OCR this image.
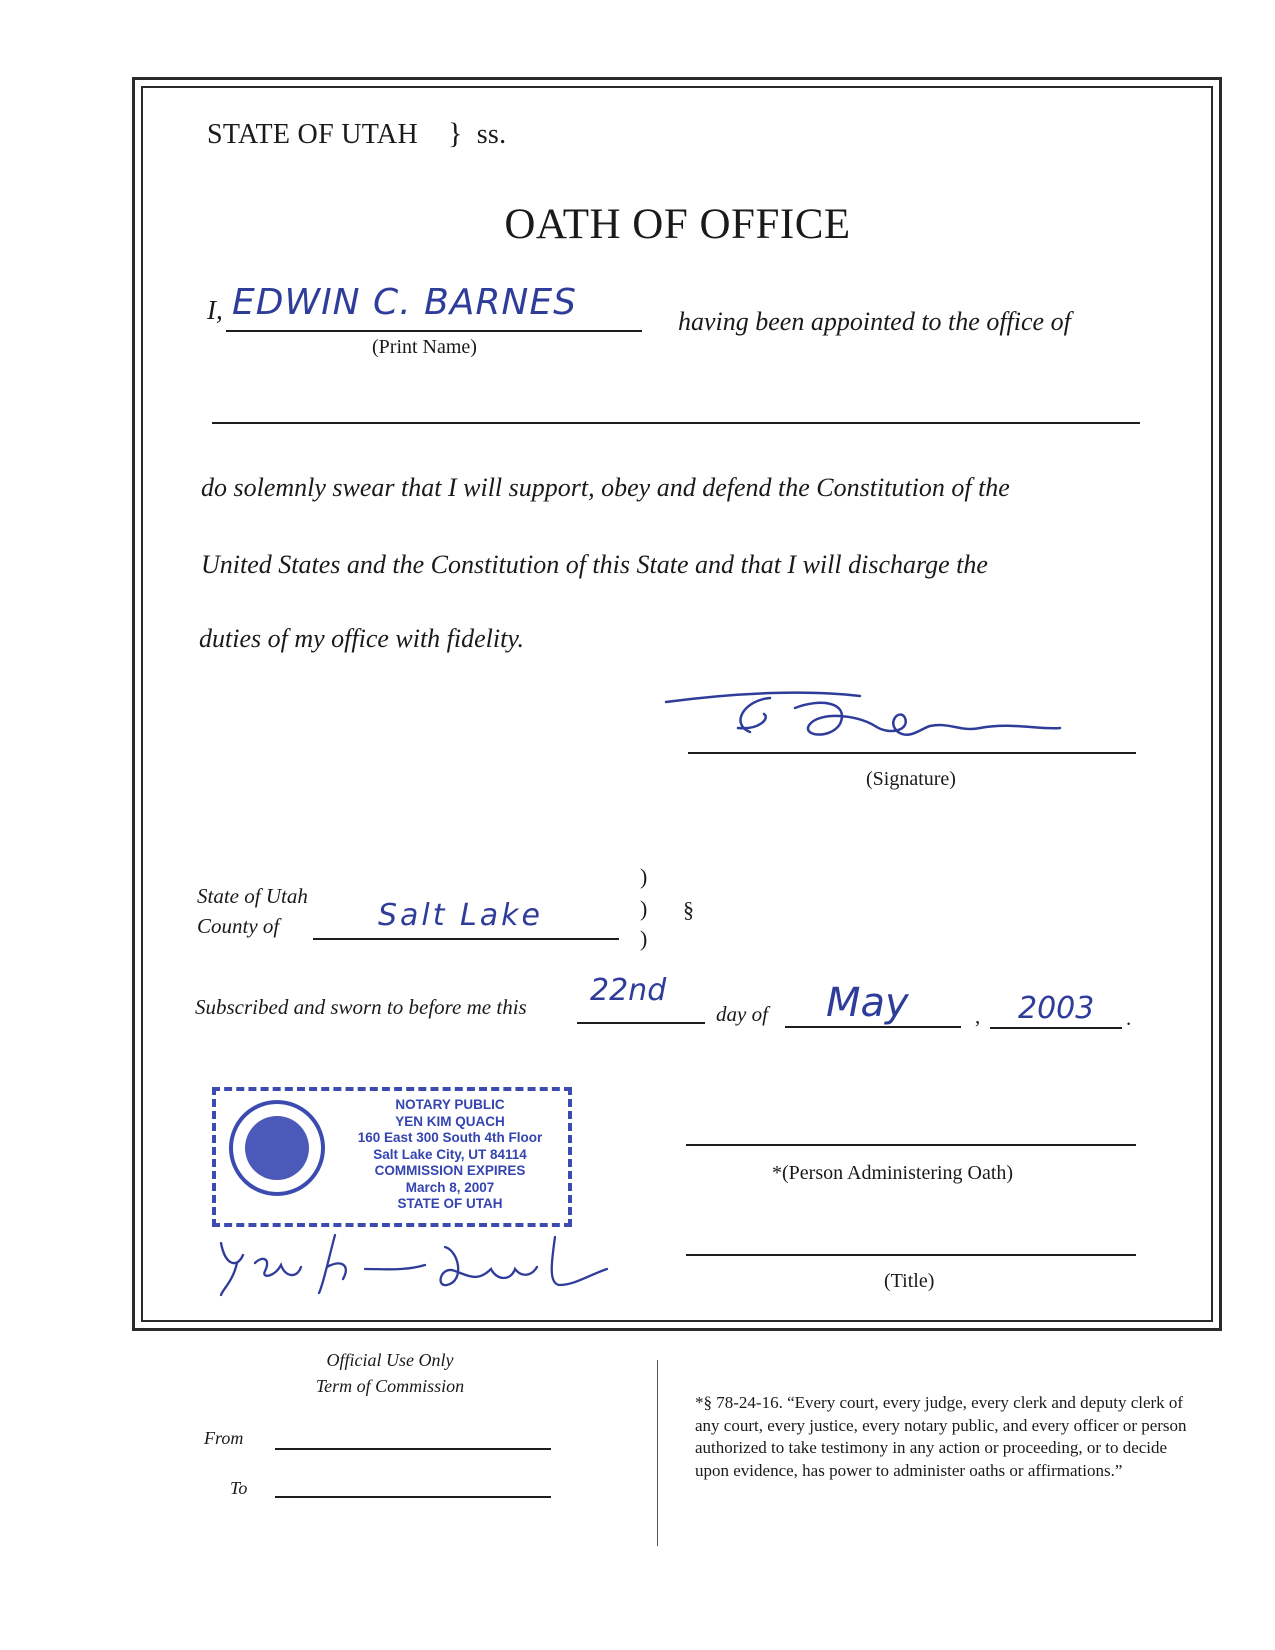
STATE OF UTAH } ss.
OATH OF OFFICE
I, EDWIN C. BARNES
(Print Name)
having been appointed to the office of
do solemnly swear that I will support, obey and defend the Constitution of the
United States and the Constitution of this State and that I will discharge the
duties of my office with fidelity.
(Signature)
State of Utah
County of	Salt Lake
)
)
)
§
Subscribed and sworn to before me this 22nd
day of May	, 2003 .
NOTARY PUBLIC
YEN KIM QUACH
160 East 300 South 4th Floor
Salt Lake City, UT 84114
COMMISSION EXPIRES
March 8, 2007
STATE OF UTAH
*(Person Administering Oath)
(Title)
Official Use Only
Term of Commission
From
To
*§ 78-24-16. “Every court, every judge, every clerk and deputy clerk of any court, every justice, every notary public, and every officer or person authorized to take testimony in any action or proceeding, or to decide upon evidence, has power to administer oaths or affirmations.”
